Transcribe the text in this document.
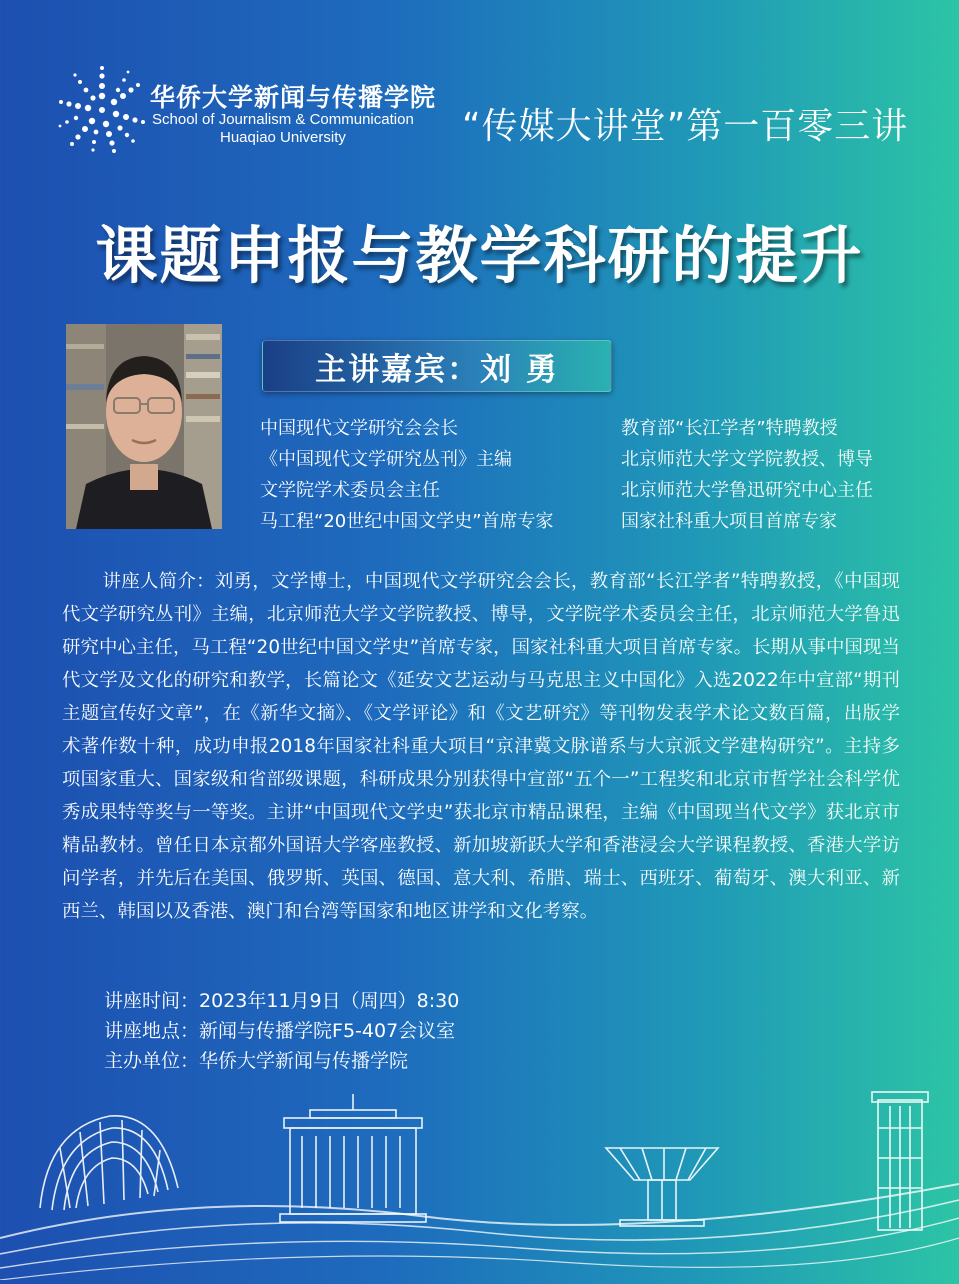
华侨大学新闻与传播学院
School of Journalism & Communication
Huaqiao University	“传媒大讲堂”第一百零三讲
课题申报与教学科研的提升
主讲嘉宾：刘 勇
中国现代文学研究会会长
《中国现代文学研究丛刊》主编
文学院学术委员会主任
马工程“20世纪中国文学史”首席专家
教育部“长江学者”特聘教授
北京师范大学文学院教授、博导
北京师范大学鲁迅研究中心主任
国家社科重大项目首席专家
讲座人简介：刘勇，文学博士，中国现代文学研究会会长，教育部“长江学者”特聘教授，《中国现代文学研究丛刊》主编，北京师范大学文学院教授、博导，文学院学术委员会主任，北京师范大学鲁迅研究中心主任，马工程“20世纪中国文学史”首席专家，国家社科重大项目首席专家。长期从事中国现当代文学及文化的研究和教学，长篇论文《延安文艺运动与马克思主义中国化》入选2022年中宣部“期刊主题宣传好文章”，在《新华文摘》、《文学评论》和《文艺研究》等刊物发表学术论文数百篇，出版学术著作数十种，成功申报2018年国家社科重大项目“京津冀文脉谱系与大京派文学建构研究”。主持多项国家重大、国家级和省部级课题，科研成果分别获得中宣部“五个一”工程奖和北京市哲学社会科学优秀成果特等奖与一等奖。主讲“中国现代文学史”获北京市精品课程，主编《中国现当代文学》获北京市精品教材。曾任日本京都外国语大学客座教授、新加坡新跃大学和香港浸会大学课程教授、香港大学访问学者，并先后在美国、俄罗斯、英国、德国、意大利、希腊、瑞士、西班牙、葡萄牙、澳大利亚、新西兰、韩国以及香港、澳门和台湾等国家和地区讲学和文化考察。
讲座时间：2023年11月9日（周四）8:30
讲座地点：新闻与传播学院F5-407会议室
主办单位：华侨大学新闻与传播学院
